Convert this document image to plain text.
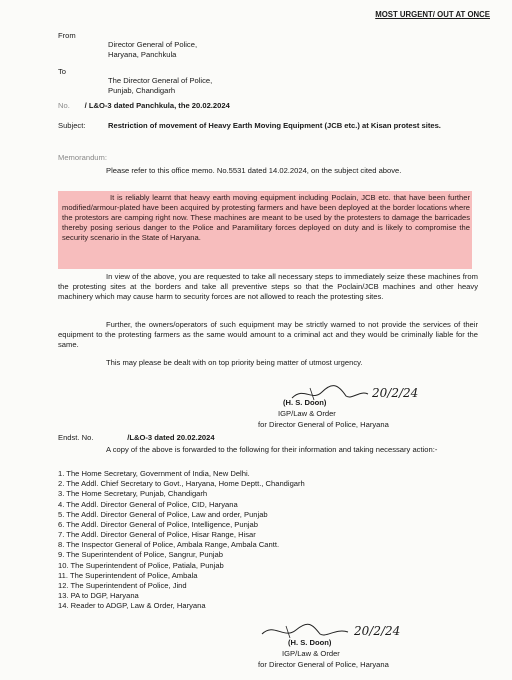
MOST URGENT/ OUT AT ONCE
From
Director General of Police,
Haryana, Panchkula
To
The Director General of Police,
Punjab, Chandigarh
No. / L&O-3 dated Panchkula, the 20.02.2024
Subject:	Restriction of movement of Heavy Earth Moving Equipment (JCB etc.) at Kisan protest sites.
Memorandum:
Please refer to this office memo. No.5531 dated 14.02.2024, on the subject cited above.
It is reliably learnt that heavy earth moving equipment including Poclain, JCB etc. that have been further modified/armour-plated have been acquired by protesting farmers and have been deployed at the border locations where the protestors are camping right now. These machines are meant to be used by the protesters to damage the barricades thereby posing serious danger to the Police and Paramilitary forces deployed on duty and is likely to compromise the security scenario in the State of Haryana.
In view of the above, you are requested to take all necessary steps to immediately seize these machines from the protesting sites at the borders and take all preventive steps so that the Poclain/JCB machines and other heavy machinery which may cause harm to security forces are not allowed to reach the protesting sites.
Further, the owners/operators of such equipment may be strictly warned to not provide the services of their equipment to the protesting farmers as the same would amount to a criminal act and they would be criminally liable for the same.
This may please be dealt with on top priority being matter of utmost urgency.
20/2/24
(H. S. Doon)
IGP/Law & Order
for Director General of Police, Haryana
Endst. No.	/L&O-3 dated 20.02.2024
A copy of the above is forwarded to the following for their information and taking necessary action:-
1. The Home Secretary, Government of India, New Delhi.
2. The Addl. Chief Secretary to Govt., Haryana, Home Deptt., Chandigarh
3. The Home Secretary, Punjab, Chandigarh
4. The Addl. Director General of Police, CID, Haryana
5. The Addl. Director General of Police, Law and order, Punjab
6. The Addl. Director General of Police, Intelligence, Punjab
7. The Addl. Director General of Police, Hisar Range, Hisar
8. The Inspector General of Police, Ambala Range, Ambala Cantt.
9. The Superintendent of Police, Sangrur, Punjab
10. The Superintendent of Police, Patiala, Punjab
11. The Superintendent of Police, Ambala
12. The Superintendent of Police, Jind
13. PA to DGP, Haryana
14. Reader to ADGP, Law & Order, Haryana
20/2/24
(H. S. Doon)
IGP/Law & Order
for Director General of Police, Haryana
